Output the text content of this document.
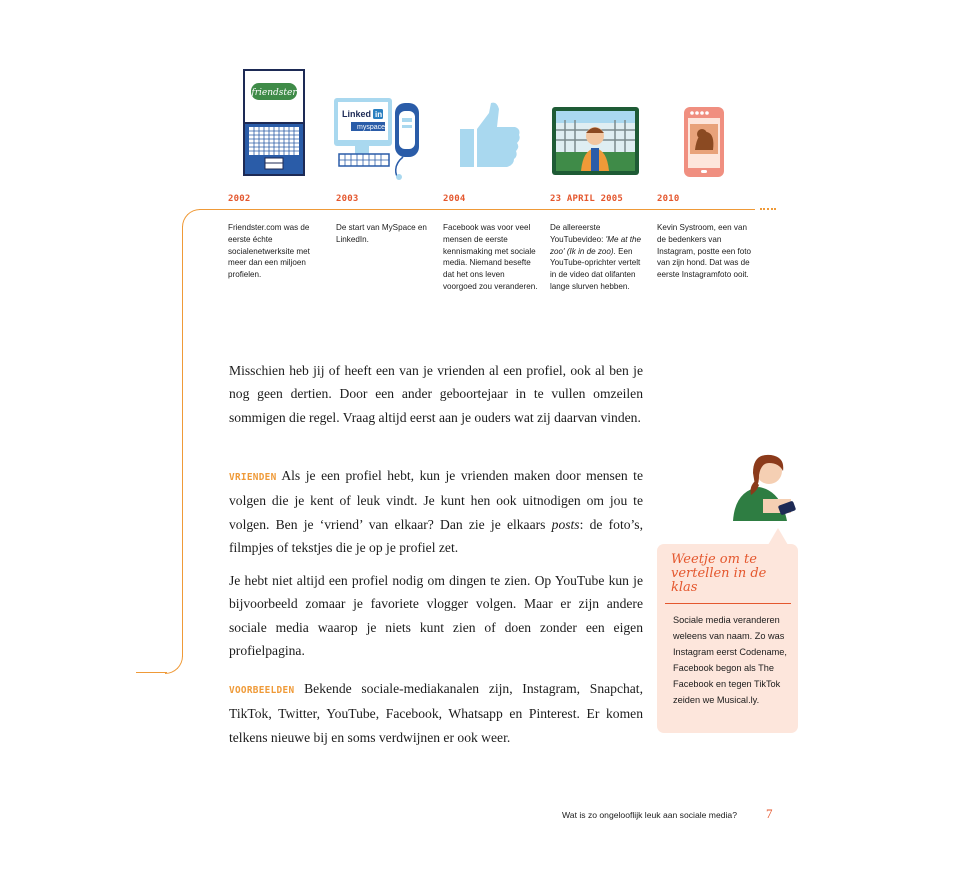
friendster
Linked in
myspace
2002
Friendster.com was de eerste échte socialenetwerksite met meer dan een miljoen profielen.
2003
De start van MySpace en LinkedIn.
2004
Facebook was voor veel mensen de eerste kennismaking met sociale media. Niemand besefte dat het ons leven voorgoed zou veranderen.
23 APRIL 2005
De allereerste YouTubevideo: 'Me at the zoo' (Ik in de zoo). Een YouTube-oprichter vertelt in de video dat olifanten lange slurven hebben.
2010
Kevin Systroom, een van de bedenkers van Instagram, postte een foto van zijn hond. Dat was de eerste Instagramfoto ooit.
Misschien heb jij of heeft een van je vrienden al een profiel, ook al ben je nog geen dertien. Door een ander geboortejaar in te vullen omzeilen sommigen die regel. Vraag altijd eerst aan je ouders wat zij daarvan vinden.
VRIENDEN Als je een profiel hebt, kun je vrienden maken door mensen te volgen die je kent of leuk vindt. Je kunt hen ook uitnodigen om jou te volgen. Ben je ‘vriend’ van elkaar? Dan zie je elkaars posts: de foto’s, filmpjes of tekstjes die je op je profiel zet.
Je hebt niet altijd een profiel nodig om dingen te zien. Op YouTube kun je bijvoorbeeld zomaar je favoriete vlogger volgen. Maar er zijn andere sociale media waarop je niets kunt zien of doen zonder een eigen profielpagina.
VOORBEELDEN Bekende sociale-mediakanalen zijn, Instagram, Snapchat, TikTok, Twitter, YouTube, Facebook, Whatsapp en Pinterest. Er komen telkens nieuwe bij en soms verdwijnen er ook weer.
Weetje om te vertellen in de klas
Sociale media veranderen weleens van naam. Zo was Instagram eerst Codename, Facebook begon als The Facebook en tegen TikTok zeiden we Musical.ly.
Wat is zo ongelooflijk leuk aan sociale media? 7
